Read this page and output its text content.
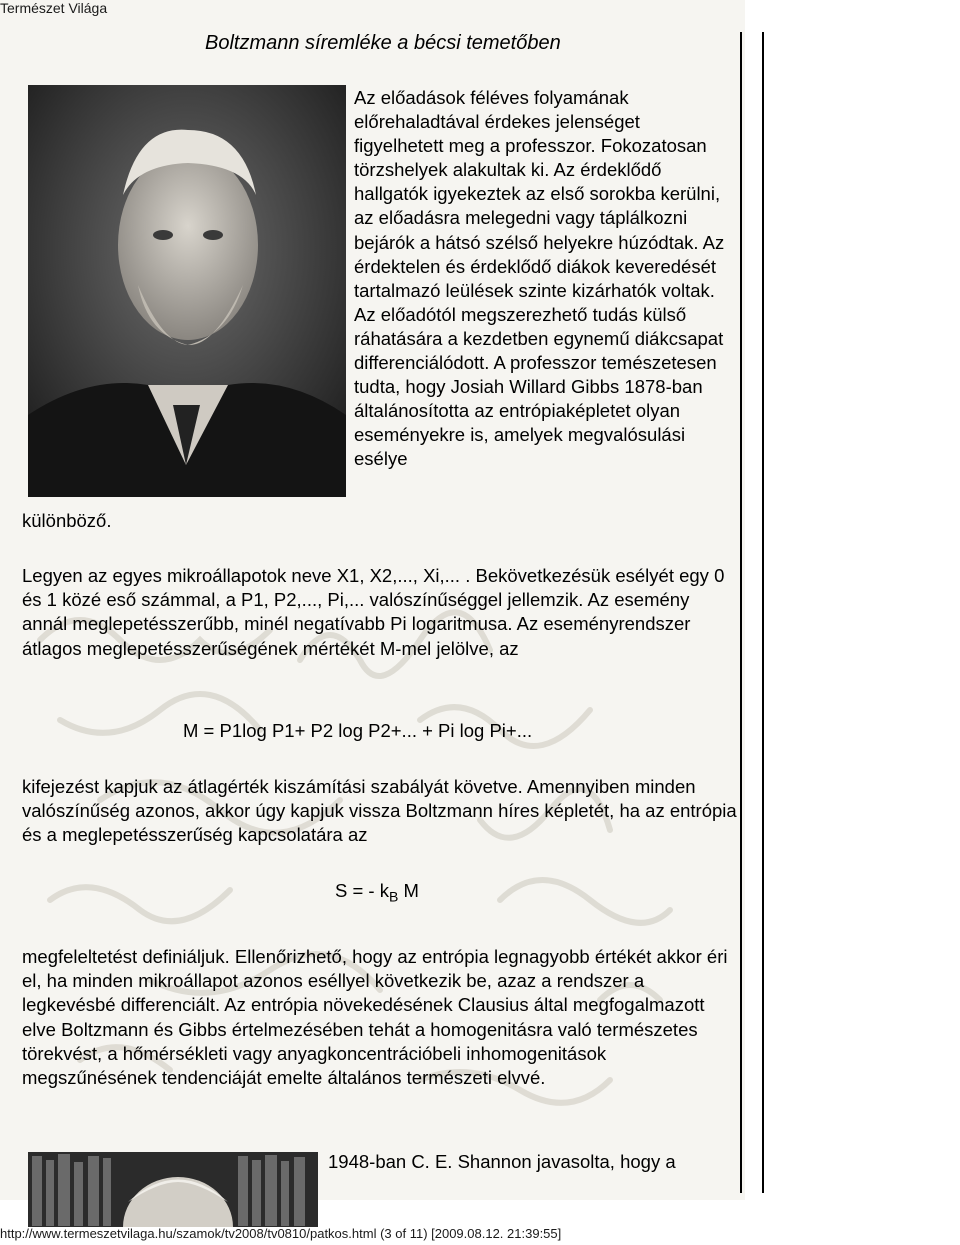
Természet Világa
Boltzmann síremléke a bécsi temetőben
Az előadások féléves folyamának előrehaladtával érdekes jelenséget figyelhetett meg a professzor. Fokozatosan törzshelyek alakultak ki. Az érdeklődő hallgatók igyekeztek az első sorokba kerülni, az előadásra melegedni vagy táplálkozni bejárók a hátsó szélső helyekre húzódtak. Az érdektelen és érdeklődő diákok keveredését tartalmazó leülések szinte kizárhatók voltak. Az előadótól megszerezhető tudás külső ráhatására a kezdetben egynemű diákcsapat differenciálódott. A professzor temészetesen tudta, hogy Josiah Willard Gibbs 1878-ban általánosította az entrópiaképletet olyan eseményekre is, amelyek megvalósulási esélye
különböző.
Legyen az egyes mikroállapotok neve X1, X2,..., Xi,... . Bekövetkezésük esélyét egy 0 és 1 közé eső számmal, a P1, P2,..., Pi,... valószínűséggel jellemzik. Az esemény annál meglepetésszerűbb, minél negatívabb Pi logaritmusa. Az eseményrendszer átlagos meglepetésszerűségének mértékét M-mel jelölve, az
M = P1log P1+ P2 log P2+... + Pi log Pi+...
kifejezést kapjuk az átlagérték kiszámítási szabályát követve. Amennyiben minden valószínűség azonos, akkor úgy kapjuk vissza Boltzmann híres képletét, ha az entrópia és a meglepetésszerűség kapcsolatára az
S = - $k_B$ M
megfeleltetést definiáljuk. Ellenőrizhető, hogy az entrópia legnagyobb értékét akkor éri el, ha minden mikroállapot azonos eséllyel következik be, azaz a rendszer a legkevésbé differenciált. Az entrópia növekedésének Clausius által megfogalmazott elve Boltzmann és Gibbs értelmezésében tehát a homogenitásra való természetes törekvést, a hőmérsékleti vagy anyagkoncentrációbeli inhomogenitások megszűnésének tendenciáját emelte általános természeti elvvé.
1948-ban C. E. Shannon javasolta, hogy a
http://www.termeszetvilaga.hu/szamok/tv2008/tv0810/patkos.html (3 of 11) [2009.08.12. 21:39:55]
